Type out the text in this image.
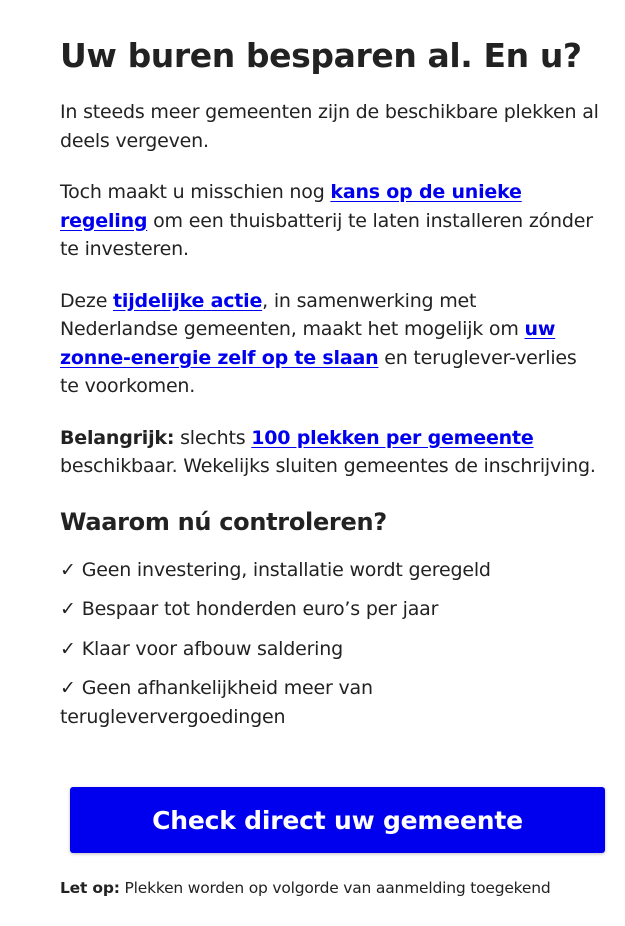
Uw buren besparen al. En u?

In steeds meer gemeenten zijn de beschikbare plekken al deels vergeven.

Toch maakt u misschien nog kans op de unieke regeling om een thuisbatterij te laten installeren zónder te investeren.

Deze tijdelijke actie, in samenwerking met Nederlandse gemeenten, maakt het mogelijk om uw zonne-energie zelf op te slaan en teruglever-verlies te voorkomen.

Belangrijk: slechts 100 plekken per gemeente beschikbaar. Wekelijks sluiten gemeentes de inschrijving.

Waarom nú controleren?
✓ Geen investering, installatie wordt geregeld
✓ Bespaar tot honderden euro’s per jaar
✓ Klaar voor afbouw saldering
✓ Geen afhankelijkheid meer van terugleververgoedingen
Check direct uw gemeente
Let op: Plekken worden op volgorde van aanmelding toegekend
